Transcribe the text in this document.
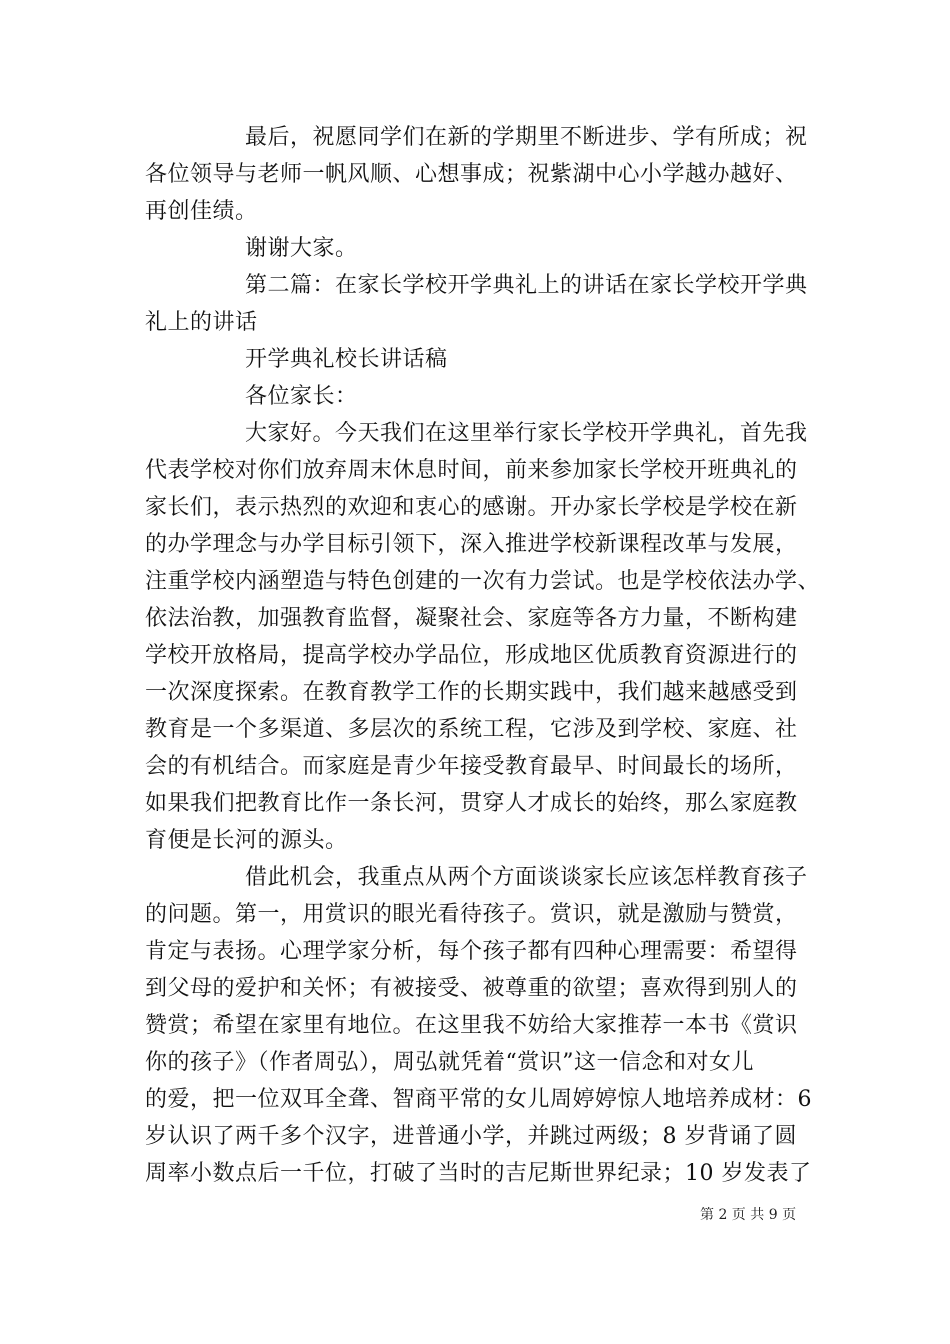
最后，祝愿同学们在新的学期里不断进步、学有所成；祝
各位领导与老师一帆风顺、心想事成；祝紫湖中心小学越办越好、
再创佳绩。
谢谢大家。
第二篇：在家长学校开学典礼上的讲话在家长学校开学典
礼上的讲话
开学典礼校长讲话稿
各位家长：
大家好。今天我们在这里举行家长学校开学典礼，首先我
代表学校对你们放弃周末休息时间，前来参加家长学校开班典礼的
家长们，表示热烈的欢迎和衷心的感谢。开办家长学校是学校在新
的办学理念与办学目标引领下，深入推进学校新课程改革与发展，
注重学校内涵塑造与特色创建的一次有力尝试。也是学校依法办学、
依法治教，加强教育监督，凝聚社会、家庭等各方力量，不断构建
学校开放格局，提高学校办学品位，形成地区优质教育资源进行的
一次深度探索。在教育教学工作的长期实践中，我们越来越感受到
教育是一个多渠道、多层次的系统工程，它涉及到学校、家庭、社
会的有机结合。而家庭是青少年接受教育最早、时间最长的场所，
如果我们把教育比作一条长河，贯穿人才成长的始终，那么家庭教
育便是长河的源头。
借此机会，我重点从两个方面谈谈家长应该怎样教育孩子
的问题。第一，用赏识的眼光看待孩子。赏识，就是激励与赞赏，
肯定与表扬。心理学家分析，每个孩子都有四种心理需要：希望得
到父母的爱护和关怀；有被接受、被尊重的欲望；喜欢得到别人的
赞赏；希望在家里有地位。在这里我不妨给大家推荐一本书《赏识
你的孩子》（作者周弘），周弘就凭着“赏识”这一信念和对女儿
的爱，把一位双耳全聋、智商平常的女儿周婷婷惊人地培养成材：6
岁认识了两千多个汉字，进普通小学，并跳过两级；8 岁背诵了圆
周率小数点后一千位，打破了当时的吉尼斯世界纪录；10 岁发表了
第 2 页 共 9 页
